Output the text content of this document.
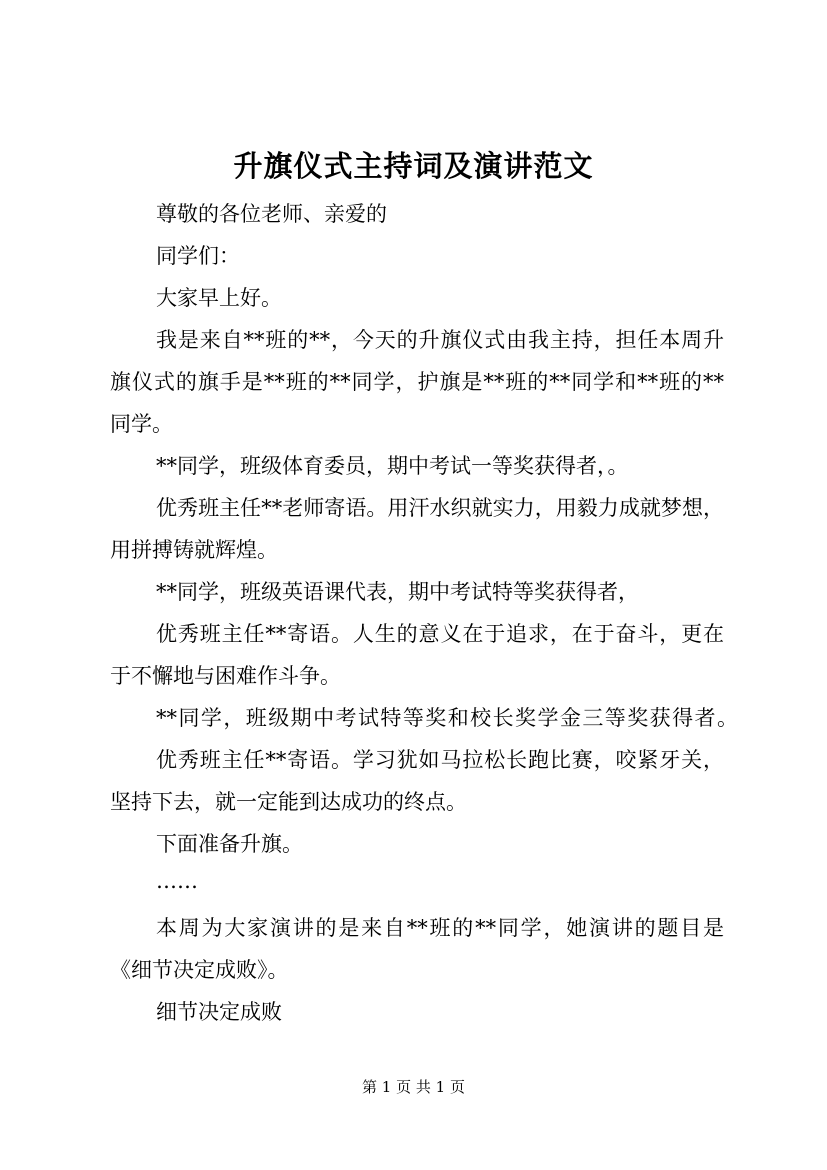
升旗仪式主持词及演讲范文
尊敬的各位老师、亲爱的
同学们：
大家早上好。
我是来自**班的**，今天的升旗仪式由我主持，担任本周升
旗仪式的旗手是**班的**同学，护旗是**班的**同学和**班的**
同学。
**同学，班级体育委员，期中考试一等奖获得者，。
优秀班主任**老师寄语。用汗水织就实力，用毅力成就梦想，
用拼搏铸就辉煌。
**同学，班级英语课代表，期中考试特等奖获得者，
优秀班主任**寄语。人生的意义在于追求，在于奋斗，更在
于不懈地与困难作斗争。
**同学，班级期中考试特等奖和校长奖学金三等奖获得者。
优秀班主任**寄语。学习犹如马拉松长跑比赛，咬紧牙关，
坚持下去，就一定能到达成功的终点。
下面准备升旗。
……
本周为大家演讲的是来自**班的**同学，她演讲的题目是
《细节决定成败》。
细节决定成败
第 1 页 共 1 页
